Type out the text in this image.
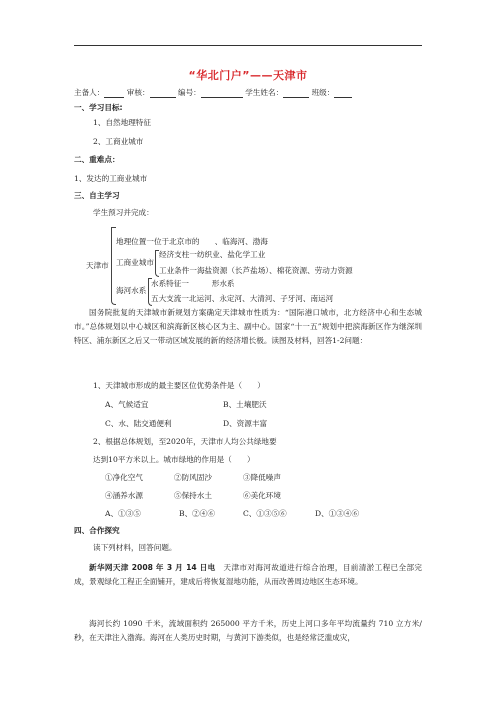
“华北门户”——天津市
主备人：	审核：	编号：	学生姓名：	班级：
一、学习目标:
1、自然地理特征
2、工商业城市
二、重难点：
1、发达的工商业城市
三、自主学习
学生预习并完成：
天津市
地理位置一位于北京市的　　、临海河、渤海
工商业城市
经济支柱一纺织业、盐化学工业
工业条件一海盐资源（长芦盐场）、棉花资源、劳动力资源
海河水系
水系特征一　　　形水系
五大支流一北运河、永定河、大清河、子牙河、南运河
国务院批复的天津城市新规划方案确定天津城市性质为：“国际港口城市，北方经济中心和生态城市。”总体规划以中心城区和滨海新区核心区为主、副中心。国家“十一五”规划中把滨海新区作为继深圳特区、浦东新区之后又一带动区域发展的新的经济增长极。读图及材料，回答1-2问题：
1、天津城市形成的最主要区位优势条件是（　　）
A、气候适宜	B、土壤肥沃
C、水、陆交通便利	D、资源丰富
2、根据总体规划，至2020年，天津市人均公共绿地要
达到10平方米以上。城市绿地的作用是（　　）
①净化空气	②防风固沙	③降低噪声
④涵养水源	⑤保持水土	⑥美化环境
A、①③⑤	B、②④⑥	C、①③⑤⑥	D、①③④⑥
四、合作探究
读下列材料，回答问题。
新华网天津 2008 年 3 月 14 日电　 天津市对海河故道进行综合治理，目前清淤工程已全部完成，景观绿化工程正全面铺开，建成后将恢复湿地功能，从而改善周边地区生态环境。
海河长约 1090 千米，流域面积约 265000 平方千米，历史上河口多年平均流量约 710 立方米/秒，在天津注入渤海。海河在人类历史时期，与黄河下游类似，也是经常泛滥成灾，
